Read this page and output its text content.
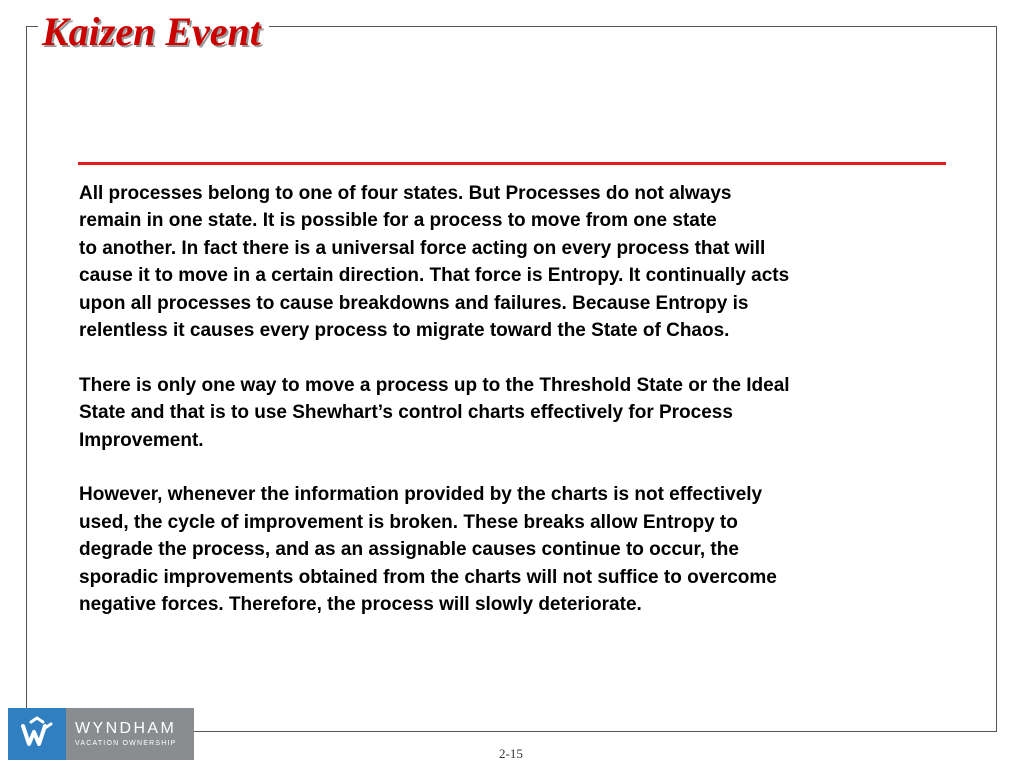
Kaizen Event

All processes belong to one of four states. But Processes do not always
remain in one state. It is possible for a process to move from one state
to another. In fact there is a universal force acting on every process that will
cause it to move in a certain direction. That force is Entropy. It continually acts
upon all processes to cause breakdowns and failures. Because Entropy is
relentless it causes every process to migrate toward the State of Chaos.

There is only one way to move a process up to the Threshold State or the Ideal
State and that is to use Shewhart’s control charts effectively for Process
Improvement.

However, whenever the information provided by the charts is not effectively
used, the cycle of improvement is broken. These breaks allow Entropy to
degrade the process, and as an assignable causes continue to occur, the
sporadic improvements obtained from the charts will not suffice to overcome
negative forces. Therefore, the process will slowly deteriorate.

WYNDHAM
VACATION OWNERSHIP
2-15
